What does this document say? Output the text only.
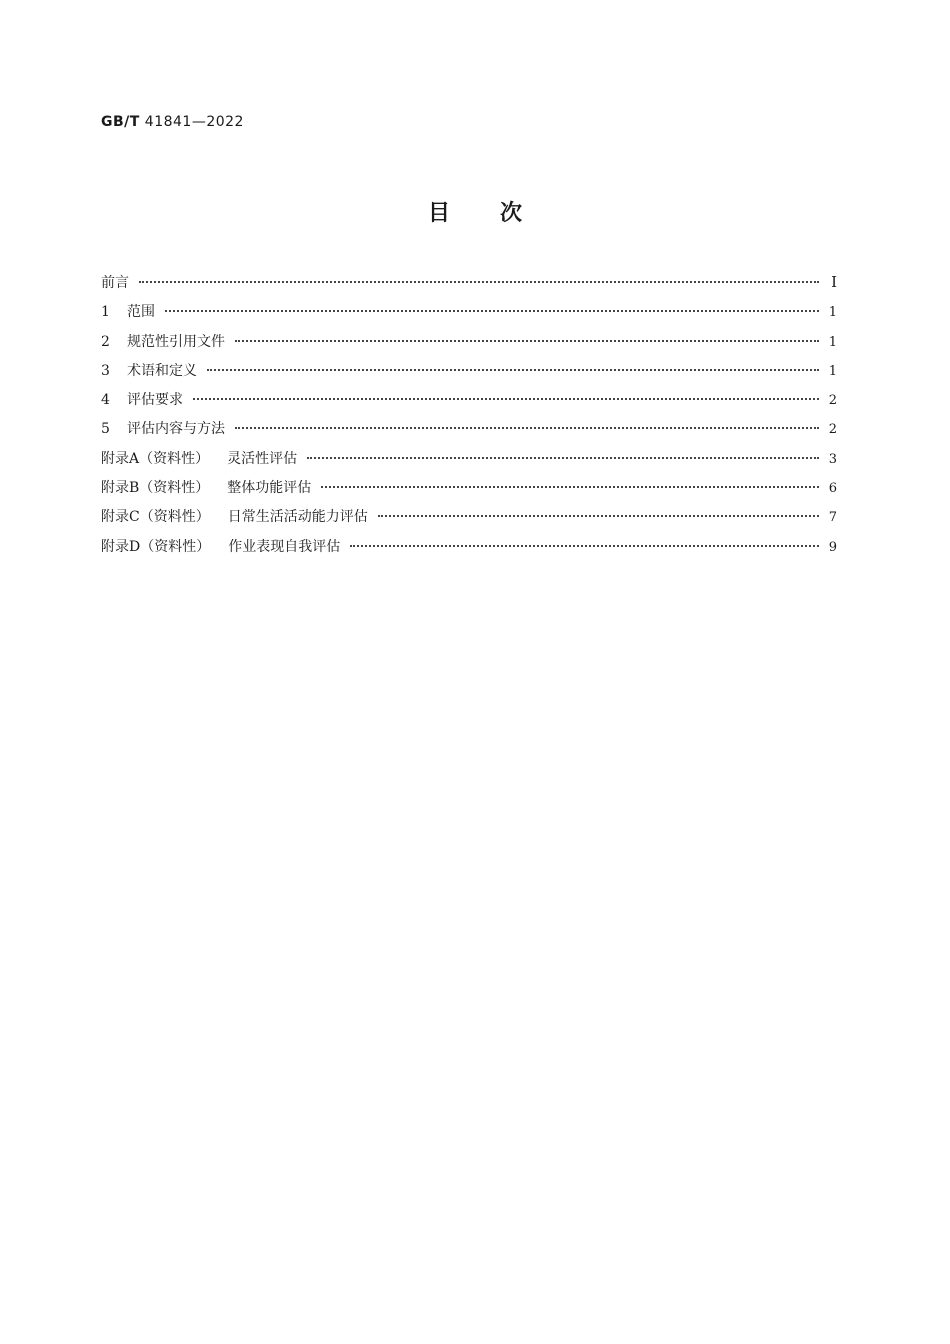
GB/T 41841—2022
目次
前言	Ⅰ
1 范围	1
2 规范性引用文件	1
3 术语和定义	1
4 评估要求	2
5 评估内容与方法	2
附录A（资料性） 灵活性评估	3
附录B（资料性） 整体功能评估	6
附录C（资料性） 日常生活活动能力评估	7
附录D（资料性） 作业表现自我评估	9
